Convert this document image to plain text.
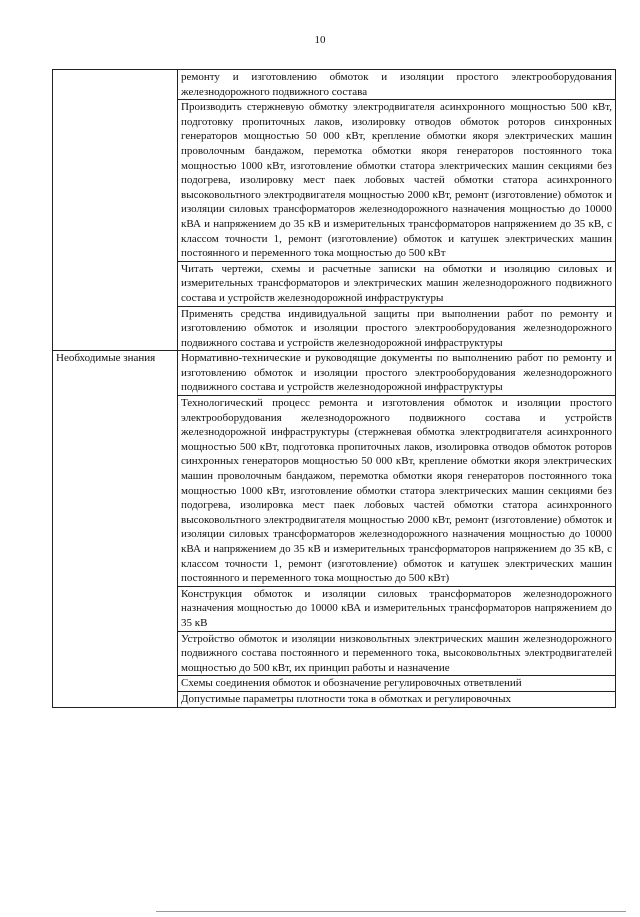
10

	ремонту и изготовлению обмоток и изоляции простого электрооборудования железнодорожного подвижного состава

	Производить стержневую обмотку электродвигателя асинхронного мощностью 500 кВт, подготовку пропиточных лаков, изолировку отводов обмоток роторов синхронных генераторов мощностью 50 000 кВт, крепление обмотки якоря электрических машин проволочным бандажом, перемотка обмотки якоря генераторов постоянного тока мощностью 1000 кВт, изготовление обмотки статора электрических машин секциями без подогрева, изолировку мест паек лобовых частей обмотки статора асинхронного высоковольтного электродвигателя мощностью 2000 кВт, ремонт (изготовление) обмоток и изоляции силовых трансформаторов железнодорожного назначения мощностью до 10000 кВА и напряжением до 35 кВ и измерительных трансформаторов напряжением до 35 кВ, с классом точности 1, ремонт (изготовление) обмоток и катушек электрических машин постоянного и переменного тока мощностью до 500 кВт

	Читать чертежи, схемы и расчетные записки на обмотки и изоляцию силовых и измерительных трансформаторов и электрических машин железнодорожного подвижного состава и устройств железнодорожной инфраструктуры

	Применять средства индивидуальной защиты при выполнении работ по ремонту и изготовлению обмоток и изоляции простого электрооборудования железнодорожного подвижного состава и устройств железнодорожной инфраструктуры

Необходимые знания	Нормативно-технические и руководящие документы по выполнению работ по ремонту и изготовлению обмоток и изоляции простого электрооборудования железнодорожного подвижного состава и устройств железнодорожной инфраструктуры

	Технологический процесс ремонта и изготовления обмоток и изоляции простого электрооборудования железнодорожного подвижного состава и устройств железнодорожной инфраструктуры (стержневая обмотка электродвигателя асинхронного мощностью 500 кВт, подготовка пропиточных лаков, изолировка отводов обмоток роторов синхронных генераторов мощностью 50 000 кВт, крепление обмотки якоря электрических машин проволочным бандажом, перемотка обмотки якоря генераторов постоянного тока мощностью 1000 кВт, изготовление обмотки статора электрических машин секциями без подогрева, изолировка мест паек лобовых частей обмотки статора асинхронного высоковольтного электродвигателя мощностью 2000 кВт, ремонт (изготовление) обмоток и изоляции силовых трансформаторов железнодорожного назначения мощностью до 10000 кВА и напряжением до 35 кВ и измерительных трансформаторов напряжением до 35 кВ, с классом точности 1, ремонт (изготовление) обмоток и катушек электрических машин постоянного и переменного тока мощностью до 500 кВт)

	Конструкция обмоток и изоляции силовых трансформаторов железнодорожного назначения мощностью до 10000 кВА и измерительных трансформаторов напряжением до 35 кВ

	Устройство обмоток и изоляции низковольтных электрических машин железнодорожного подвижного состава постоянного и переменного тока, высоковольтных электродвигателей мощностью до 500 кВт, их принцип работы и назначение

	Схемы соединения обмоток и обозначение регулировочных ответвлений

	Допустимые параметры плотности тока в обмотках и регулировочных
